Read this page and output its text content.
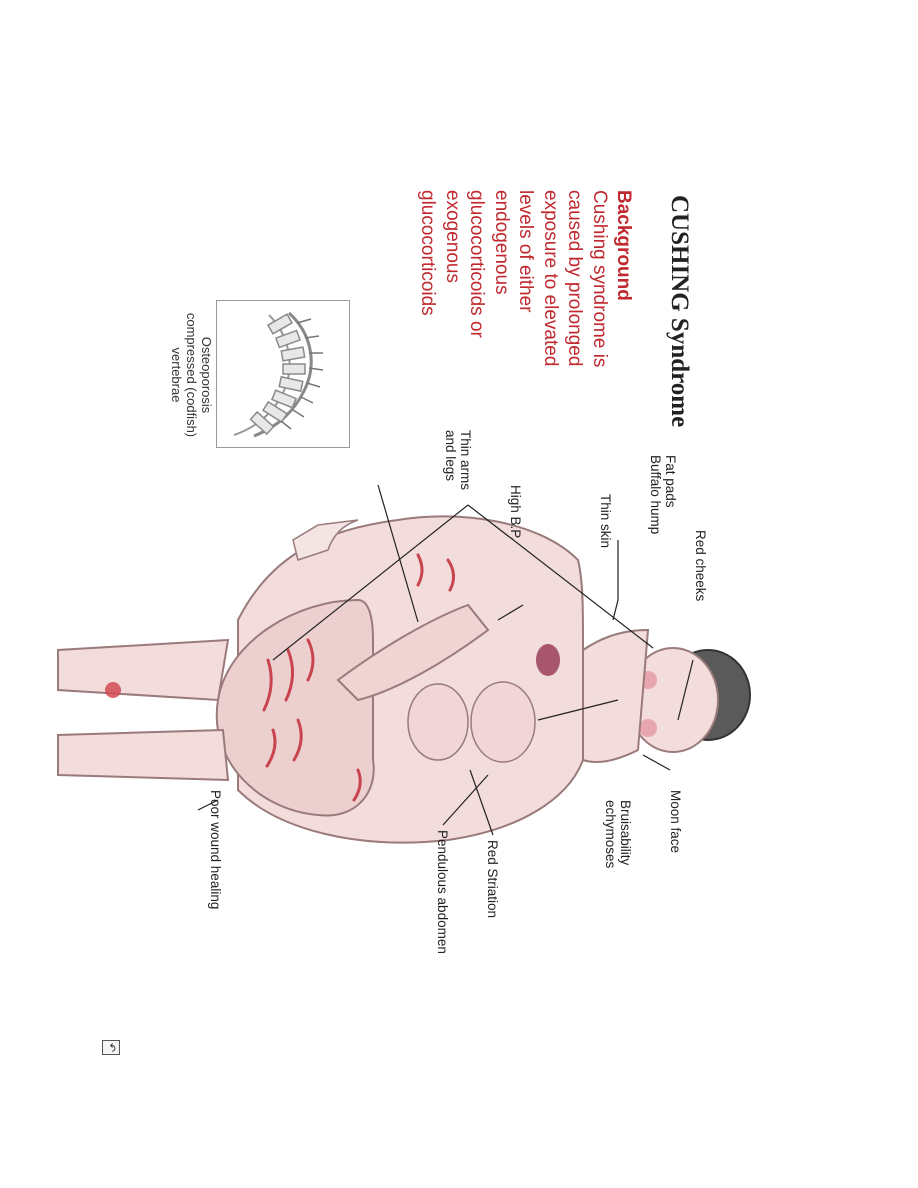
CUSHING Syndrome
Background
Cushing syndrome is
caused by prolonged
exposure to elevated
levels of either
endogenous
glucocorticoids or
exogenous
glucocorticoids
Osteoporosis
compressed (codfish)
vertebrae
Fat pads
Buffalo hump
Red cheeks
Thin skin
High B.P.
Thin arms
and legs
Moon face
Bruisability
echymoses
Red Striation
Pendulous abdomen
Poor wound healing
↶
